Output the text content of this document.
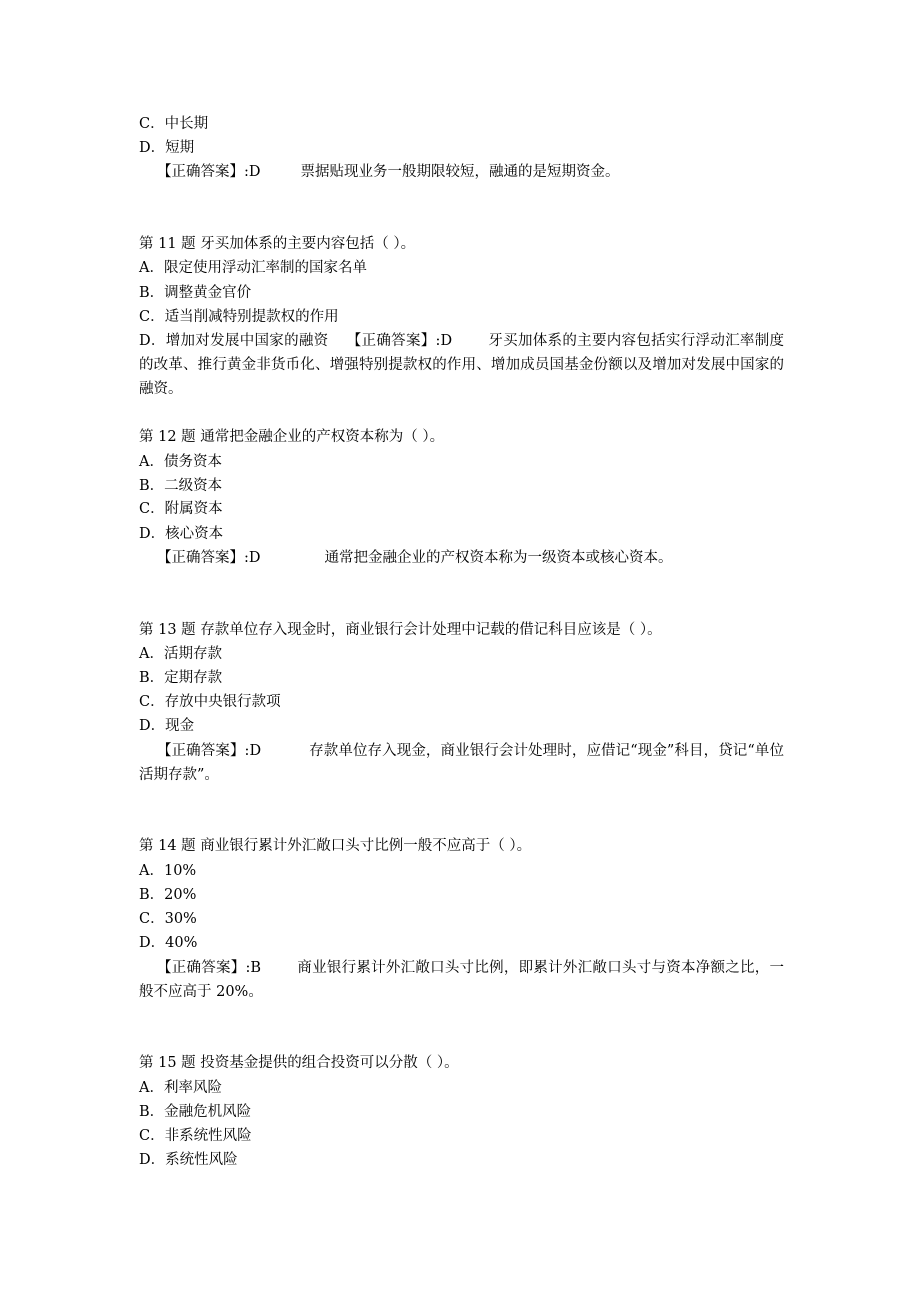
C．中长期
D．短期
【正确答案】:D	票据贴现业务一般期限较短，融通的是短期资金。
第 11 题 牙买加体系的主要内容包括（ ）。
A．限定使用浮动汇率制的国家名单
B．调整黄金官价
C．适当削减特别提款权的作用
D．增加对发展中国家的融资 【正确答案】:D 牙买加体系的主要内容包括实行浮动汇率制度的改革、推行黄金非货币化、增强特别提款权的作用、增加成员国基金份额以及增加对发展中国家的融资。
第 12 题 通常把金融企业的产权资本称为（ ）。
A．债务资本
B．二级资本
C．附属资本
D．核心资本
【正确答案】:D	通常把金融企业的产权资本称为一级资本或核心资本。
第 13 题 存款单位存入现金时，商业银行会计处理中记载的借记科目应该是（ ）。
A．活期存款
B．定期存款
C．存放中央银行款项
D．现金
【正确答案】:D	存款单位存入现金，商业银行会计处理时，应借记“现金”科目，贷记“单位活期存款”。
第 14 题 商业银行累计外汇敞口头寸比例一般不应高于（ ）。
A．10%
B．20%
C．30%
D．40%
【正确答案】:B 商业银行累计外汇敞口头寸比例，即累计外汇敞口头寸与资本净额之比，一般不应高于 20%。
第 15 题 投资基金提供的组合投资可以分散（ ）。
A．利率风险
B．金融危机风险
C．非系统性风险
D．系统性风险
